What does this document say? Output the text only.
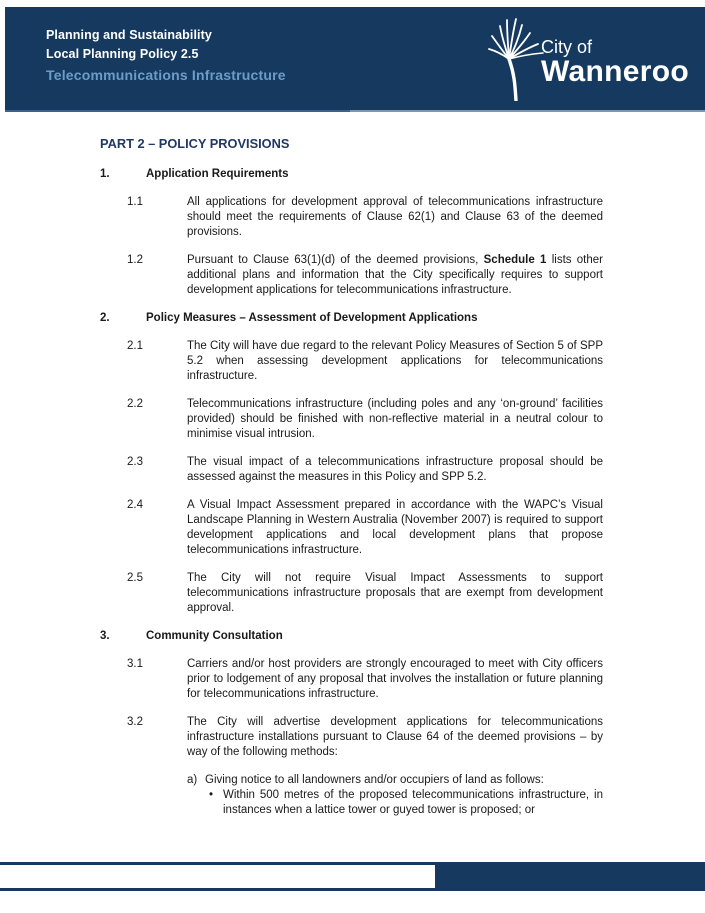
Planning and Sustainability
Local Planning Policy 2.5
Telecommunications Infrastructure
City of
Wanneroo

PART 2 – POLICY PROVISIONS

1.	Application Requirements
1.1	All applications for development approval of telecommunications infrastructure should meet the requirements of Clause 62(1) and Clause 63 of the deemed provisions.
1.2	Pursuant to Clause 63(1)(d) of the deemed provisions, Schedule 1 lists other additional plans and information that the City specifically requires to support development applications for telecommunications infrastructure.
2.	Policy Measures – Assessment of Development Applications
2.1	The City will have due regard to the relevant Policy Measures of Section 5 of SPP 5.2 when assessing development applications for telecommunications infrastructure.
2.2	Telecommunications infrastructure (including poles and any ‘on-ground’ facilities provided) should be finished with non-reflective material in a neutral colour to minimise visual intrusion.
2.3	The visual impact of a telecommunications infrastructure proposal should be assessed against the measures in this Policy and SPP 5.2.
2.4	A Visual Impact Assessment prepared in accordance with the WAPC’s Visual Landscape Planning in Western Australia (November 2007) is required to support development applications and local development plans that propose telecommunications infrastructure.
2.5	The City will not require Visual Impact Assessments to support telecommunications infrastructure proposals that are exempt from development approval.
3.	Community Consultation
3.1	Carriers and/or host providers are strongly encouraged to meet with City officers prior to lodgement of any proposal that involves the installation or future planning for telecommunications infrastructure.
3.2	The City will advertise development applications for telecommunications infrastructure installations pursuant to Clause 64 of the deemed provisions – by way of the following methods:
a) Giving notice to all landowners and/or occupiers of land as follows:
• Within 500 metres of the proposed telecommunications infrastructure, in instances when a lattice tower or guyed tower is proposed; or
